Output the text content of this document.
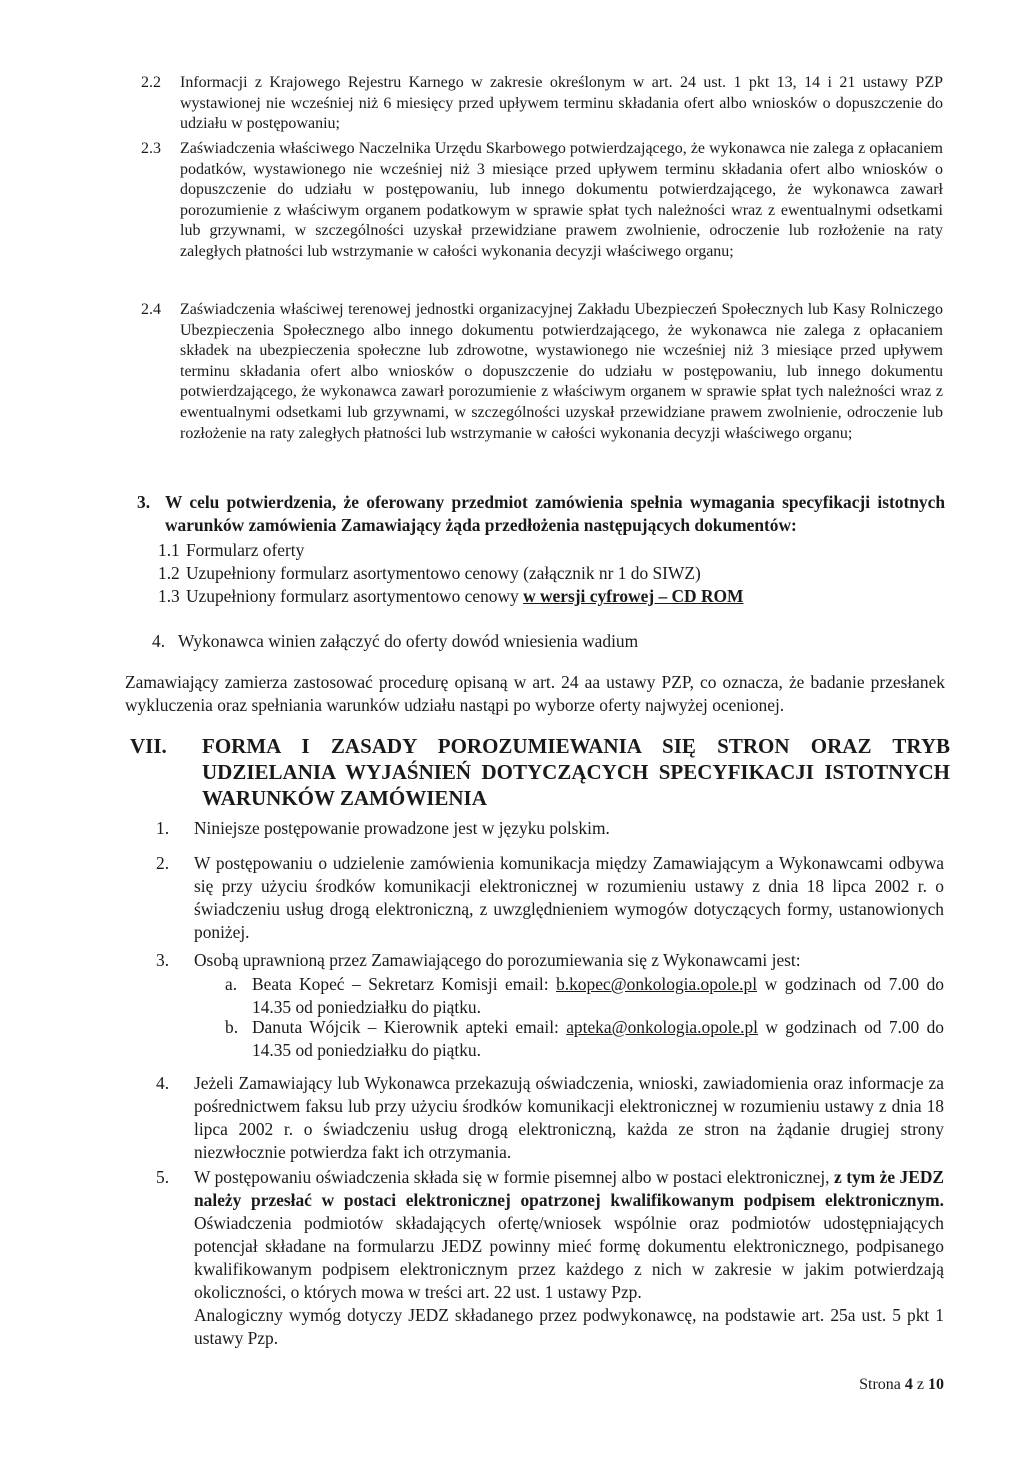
2.2 Informacji z Krajowego Rejestru Karnego w zakresie określonym w art. 24 ust. 1 pkt 13, 14 i 21 ustawy PZP wystawionej nie wcześniej niż 6 miesięcy przed upływem terminu składania ofert albo wniosków o dopuszczenie do udziału w postępowaniu;
2.3 Zaświadczenia właściwego Naczelnika Urzędu Skarbowego potwierdzającego, że wykonawca nie zalega z opłacaniem podatków, wystawionego nie wcześniej niż 3 miesiące przed upływem terminu składania ofert albo wniosków o dopuszczenie do udziału w postępowaniu, lub innego dokumentu potwierdzającego, że wykonawca zawarł porozumienie z właściwym organem podatkowym w sprawie spłat tych należności wraz z ewentualnymi odsetkami lub grzywnami, w szczególności uzyskał przewidziane prawem zwolnienie, odroczenie lub rozłożenie na raty zaległych płatności lub wstrzymanie w całości wykonania decyzji właściwego organu;
2.4 Zaświadczenia właściwej terenowej jednostki organizacyjnej Zakładu Ubezpieczeń Społecznych lub Kasy Rolniczego Ubezpieczenia Społecznego albo innego dokumentu potwierdzającego, że wykonawca nie zalega z opłacaniem składek na ubezpieczenia społeczne lub zdrowotne, wystawionego nie wcześniej niż 3 miesiące przed upływem terminu składania ofert albo wniosków o dopuszczenie do udziału w postępowaniu, lub innego dokumentu potwierdzającego, że wykonawca zawarł porozumienie z właściwym organem w sprawie spłat tych należności wraz z ewentualnymi odsetkami lub grzywnami, w szczególności uzyskał przewidziane prawem zwolnienie, odroczenie lub rozłożenie na raty zaległych płatności lub wstrzymanie w całości wykonania decyzji właściwego organu;
3. W celu potwierdzenia, że oferowany przedmiot zamówienia spełnia wymagania specyfikacji istotnych warunków zamówienia Zamawiający żąda przedłożenia następujących dokumentów:
1.1 Formularz oferty
1.2 Uzupełniony formularz asortymentowo cenowy (załącznik nr 1 do SIWZ)
1.3 Uzupełniony formularz asortymentowo cenowy w wersji cyfrowej – CD ROM
4. Wykonawca winien załączyć do oferty dowód wniesienia wadium
Zamawiający zamierza zastosować procedurę opisaną w art. 24 aa ustawy PZP, co oznacza, że badanie przesłanek wykluczenia oraz spełniania warunków udziału nastąpi po wyborze oferty najwyżej ocenionej.
VII. FORMA I ZASADY POROZUMIEWANIA SIĘ STRON ORAZ TRYB UDZIELANIA WYJAŚNIEŃ DOTYCZĄCYCH SPECYFIKACJI ISTOTNYCH WARUNKÓW ZAMÓWIENIA
1. Niniejsze postępowanie prowadzone jest w języku polskim.
2. W postępowaniu o udzielenie zamówienia komunikacja między Zamawiającym a Wykonawcami odbywa się przy użyciu środków komunikacji elektronicznej w rozumieniu ustawy z dnia 18 lipca 2002 r. o świadczeniu usług drogą elektroniczną, z uwzględnieniem wymogów dotyczących formy, ustanowionych poniżej.
3. Osobą uprawnioną przez Zamawiającego do porozumiewania się z Wykonawcami jest:
a. Beata Kopeć – Sekretarz Komisji email: b.kopec@onkologia.opole.pl w godzinach od 7.00 do 14.35 od poniedziałku do piątku.
b. Danuta Wójcik – Kierownik apteki email: apteka@onkologia.opole.pl w godzinach od 7.00 do 14.35 od poniedziałku do piątku.
4. Jeżeli Zamawiający lub Wykonawca przekazują oświadczenia, wnioski, zawiadomienia oraz informacje za pośrednictwem faksu lub przy użyciu środków komunikacji elektronicznej w rozumieniu ustawy z dnia 18 lipca 2002 r. o świadczeniu usług drogą elektroniczną, każda ze stron na żądanie drugiej strony niezwłocznie potwierdza fakt ich otrzymania.
5. W postępowaniu oświadczenia składa się w formie pisemnej albo w postaci elektronicznej, z tym że JEDZ należy przesłać w postaci elektronicznej opatrzonej kwalifikowanym podpisem elektronicznym. Oświadczenia podmiotów składających ofertę/wniosek wspólnie oraz podmiotów udostępniających potencjał składane na formularzu JEDZ powinny mieć formę dokumentu elektronicznego, podpisanego kwalifikowanym podpisem elektronicznym przez każdego z nich w zakresie w jakim potwierdzają okoliczności, o których mowa w treści art. 22 ust. 1 ustawy Pzp.
Analogiczny wymóg dotyczy JEDZ składanego przez podwykonawcę, na podstawie art. 25a ust. 5 pkt 1 ustawy Pzp.
Strona 4 z 10
